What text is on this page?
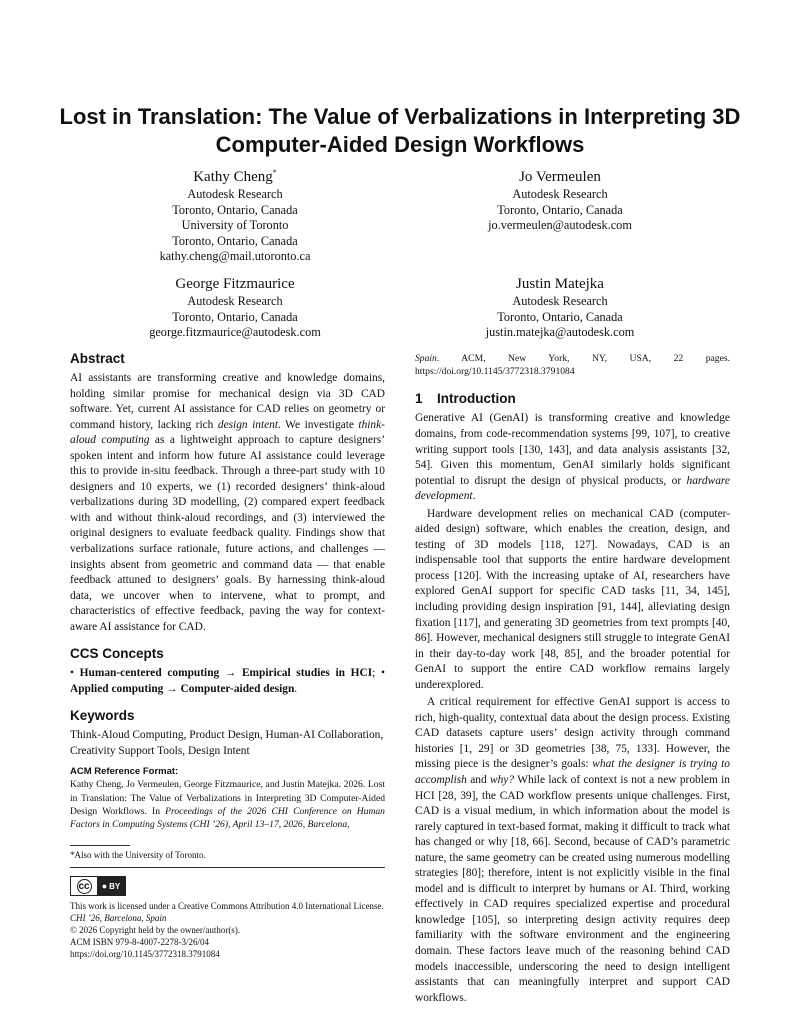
Lost in Translation: The Value of Verbalizations in Interpreting 3D
Computer-Aided Design Workflows
Kathy Cheng*
Autodesk Research
Toronto, Ontario, Canada
University of Toronto
Toronto, Ontario, Canada
kathy.cheng@mail.utoronto.ca
Jo Vermeulen
Autodesk Research
Toronto, Ontario, Canada
jo.vermeulen@autodesk.com
George Fitzmaurice
Autodesk Research
Toronto, Ontario, Canada
george.fitzmaurice@autodesk.com
Justin Matejka
Autodesk Research
Toronto, Ontario, Canada
justin.matejka@autodesk.com
Abstract

AI assistants are transforming creative and knowledge domains, holding similar promise for mechanical design via 3D CAD software. Yet, current AI assistance for CAD relies on geometry or command history, lacking rich design intent. We investigate think-aloud computing as a lightweight approach to capture designers’ spoken intent and inform how future AI assistance could leverage this to provide in-situ feedback. Through a three-part study with 10 designers and 10 experts, we (1) recorded designers’ think-aloud verbalizations during 3D modelling, (2) compared expert feedback with and without think-aloud recordings, and (3) interviewed the original designers to evaluate feedback quality. Findings show that verbalizations surface rationale, future actions, and challenges — insights absent from geometric and command data — that enable feedback attuned to designers’ goals. By harnessing think-aloud data, we uncover when to intervene, what to prompt, and characteristics of effective feedback, paving the way for context-aware AI assistance for CAD.

CCS Concepts

• Human-centered computing → Empirical studies in HCI; • Applied computing → Computer-aided design.

Keywords

Think-Aloud Computing, Product Design, Human-AI Collaboration, Creativity Support Tools, Design Intent

ACM Reference Format:
Kathy Cheng, Jo Vermeulen, George Fitzmaurice, and Justin Matejka. 2026. Lost in Translation: The Value of Verbalizations in Interpreting 3D Computer-Aided Design Workflows. In Proceedings of the 2026 CHI Conference on Human Factors in Computing Systems (CHI ’26), April 13–17, 2026, Barcelona,
*Also with the University of Toronto.
cc ● BY
This work is licensed under a Creative Commons Attribution 4.0 International License.
CHI ’26, Barcelona, Spain
© 2026 Copyright held by the owner/author(s).
ACM ISBN 979-8-4007-2278-3/26/04
https://doi.org/10.1145/3772318.3791084
Spain. ACM, New York, NY, USA, 22 pages. https://doi.org/10.1145/3772318.3791084
1 Introduction

Generative AI (GenAI) is transforming creative and knowledge domains, from code-recommendation systems [99, 107], to creative writing support tools [130, 143], and data analysis assistants [32, 54]. Given this momentum, GenAI similarly holds significant potential to disrupt the design of physical products, or hardware development.

Hardware development relies on mechanical CAD (computer-aided design) software, which enables the creation, design, and testing of 3D models [118, 127]. Nowadays, CAD is an indispensable tool that supports the entire hardware development process [120]. With the increasing uptake of AI, researchers have explored GenAI support for specific CAD tasks [11, 34, 145], including providing design inspiration [91, 144], alleviating design fixation [117], and generating 3D geometries from text prompts [40, 86]. However, mechanical designers still struggle to integrate GenAI in their day-to-day work [48, 85], and the broader potential for GenAI to support the entire CAD workflow remains largely underexplored.

A critical requirement for effective GenAI support is access to rich, high-quality, contextual data about the design process. Existing CAD datasets capture users’ design activity through command histories [1, 29] or 3D geometries [38, 75, 133]. However, the missing piece is the designer’s goals: what the designer is trying to accomplish and why? While lack of context is not a new problem in HCI [28, 39], the CAD workflow presents unique challenges. First, CAD is a visual medium, in which information about the model is rarely captured in text-based format, making it difficult to track what has changed or why [18, 66]. Second, because of CAD’s parametric nature, the same geometry can be created using numerous modelling strategies [80]; therefore, intent is not explicitly visible in the final model and is difficult to interpret by humans or AI. Third, working effectively in CAD requires specialized expertise and procedural knowledge [105], so interpreting design activity requires deep familiarity with the software environment and the engineering domain. These factors leave much of the reasoning behind CAD models inaccessible, underscoring the need to design intelligent assistants that can meaningfully interpret and support CAD workflows.
